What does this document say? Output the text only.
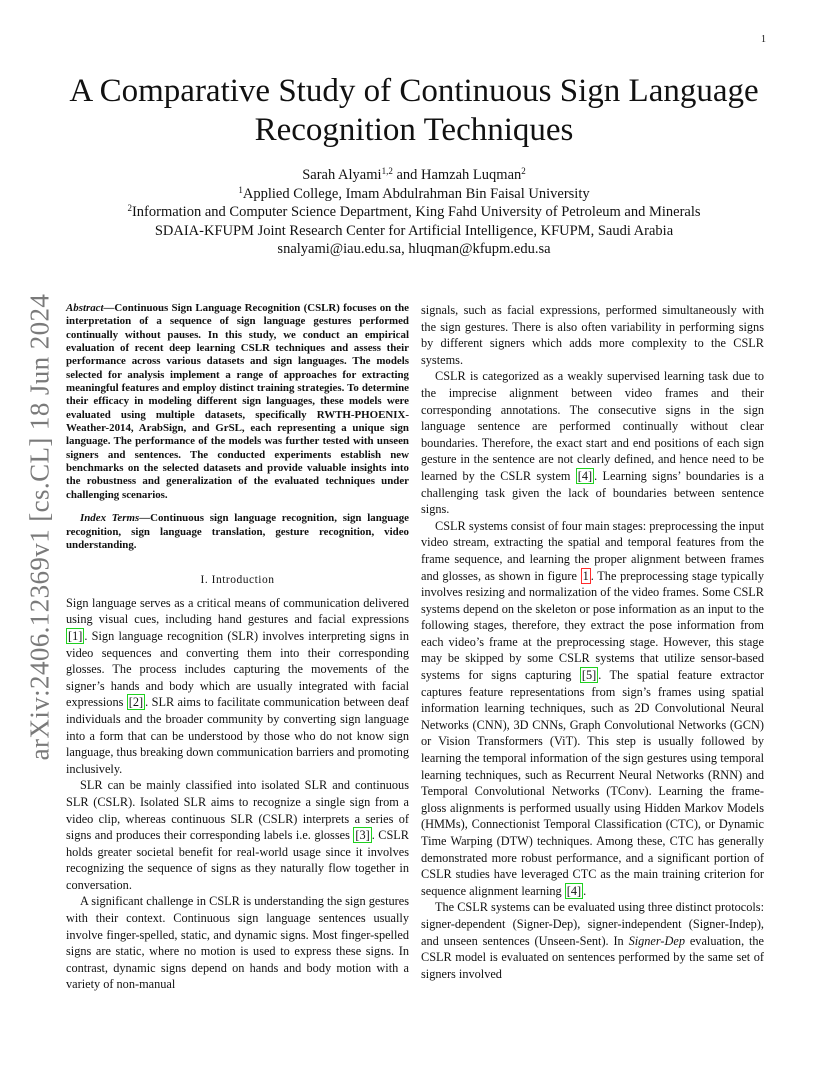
1
arXiv:2406.12369v1 [cs.CL] 18 Jun 2024
A Comparative Study of Continuous Sign Language
Recognition Techniques
Sarah Alyami$^{1,2}$ and Hamzah Luqman$^2$
$^1$Applied College, Imam Abdulrahman Bin Faisal University
$^2$Information and Computer Science Department, King Fahd University of Petroleum and Minerals
SDAIA-KFUPM Joint Research Center for Artificial Intelligence, KFUPM, Saudi Arabia
snalyami@iau.edu.sa, hluqman@kfupm.edu.sa

Abstract—Continuous Sign Language Recognition (CSLR) focuses on the interpretation of a sequence of sign language gestures performed continually without pauses. In this study, we conduct an empirical evaluation of recent deep learning CSLR techniques and assess their performance across various datasets and sign languages. The models selected for analysis implement a range of approaches for extracting meaningful features and employ distinct training strategies. To determine their efficacy in modeling different sign languages, these models were evaluated using multiple datasets, specifically RWTH-PHOENIX-Weather-2014, ArabSign, and GrSL, each representing a unique sign language. The performance of the models was further tested with unseen signers and sentences. The conducted experiments establish new benchmarks on the selected datasets and provide valuable insights into the robustness and generalization of the evaluated techniques under challenging scenarios.

Index Terms—Continuous sign language recognition, sign language recognition, sign language translation, gesture recognition, video understanding.

I. Introduction

Sign language serves as a critical means of communication delivered using visual cues, including hand gestures and facial expressions [1] . Sign language recognition (SLR) involves interpreting signs in video sequences and converting them into their corresponding glosses. The process includes capturing the movements of the signer’s hands and body which are usually integrated with facial expressions [2] . SLR aims to facilitate communication between deaf individuals and the broader community by converting sign language into a form that can be understood by those who do not know sign language, thus breaking down communication barriers and promoting inclusively.

SLR can be mainly classified into isolated SLR and continuous SLR (CSLR). Isolated SLR aims to recognize a single sign from a video clip, whereas continuous SLR (CSLR) interprets a series of signs and produces their corresponding labels i.e. glosses [3] . CSLR holds greater societal benefit for real-world usage since it involves recognizing the sequence of signs as they naturally flow together in conversation.

A significant challenge in CSLR is understanding the sign gestures with their context. Continuous sign language sentences usually involve finger-spelled, static, and dynamic signs. Most finger-spelled signs are static, where no motion is used to express these signs. In contrast, dynamic signs depend on hands and body motion with a variety of non-manual

signals, such as facial expressions, performed simultaneously with the sign gestures. There is also often variability in performing signs by different signers which adds more complexity to the CSLR systems.

CSLR is categorized as a weakly supervised learning task due to the imprecise alignment between video frames and their corresponding annotations. The consecutive signs in the sign language sentence are performed continually without clear boundaries. Therefore, the exact start and end positions of each sign gesture in the sentence are not clearly defined, and hence need to be learned by the CSLR system [4] . Learning signs’ boundaries is a challenging task given the lack of boundaries between sentence signs.

CSLR systems consist of four main stages: preprocessing the input video stream, extracting the spatial and temporal features from the frame sequence, and learning the proper alignment between frames and glosses, as shown in figure 1 . The preprocessing stage typically involves resizing and normalization of the video frames. Some CSLR systems depend on the skeleton or pose information as an input to the following stages, therefore, they extract the pose information from each video’s frame at the preprocessing stage. However, this stage may be skipped by some CSLR systems that utilize sensor-based systems for signs capturing [5] . The spatial feature extractor captures feature representations from sign’s frames using spatial information learning techniques, such as 2D Convolutional Neural Networks (CNN), 3D CNNs, Graph Convolutional Networks (GCN) or Vision Transformers (ViT). This step is usually followed by learning the temporal information of the sign gestures using temporal learning techniques, such as Recurrent Neural Networks (RNN) and Temporal Convolutional Networks (TConv). Learning the frame-gloss alignments is performed usually using Hidden Markov Models (HMMs), Connectionist Temporal Classification (CTC), or Dynamic Time Warping (DTW) techniques. Among these, CTC has generally demonstrated more robust performance, and a significant portion of CSLR studies have leveraged CTC as the main training criterion for sequence alignment learning [4] .

The CSLR systems can be evaluated using three distinct protocols: signer-dependent (Signer-Dep), signer-independent (Signer-Indep), and unseen sentences (Unseen-Sent). In Signer-Dep evaluation, the CSLR model is evaluated on sentences performed by the same set of signers involved
